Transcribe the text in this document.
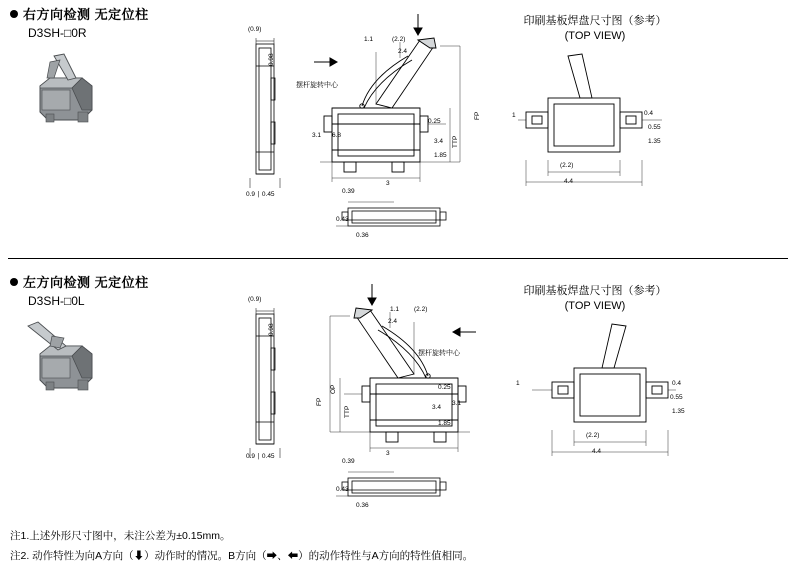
右方向检测 无定位柱
D3SH-□0R	(0.9)
0.98
0.9 ∣ 0.45
1.1	(2.2)
2.4
摆杆旋转中心
3.1 6.8
0.25
3.4
1.85
TTP
FP
3
0.39
0.43
0.36
印刷基板焊盘尺寸图（参考）
(TOP VIEW)
1	0.4
0.55
1.35
(2.2)
4.4
左方向检测 无定位柱
D3SH-□0L	(0.9)
0.98
0.9 ∣ 0.45
1.1 (2.2)
2.4
摆杆旋转中心
FP
OP
TTP
0.25
3.4
3.1
1.85
3
0.39
0.43
0.36
印刷基板焊盘尺寸图（参考）
(TOP VIEW)
1	0.4
0.55
1.35
(2.2)
4.4
注1.上述外形尺寸图中，未注公差为±0.15mm。
注2. 动作特性为向A方向（⬇）动作时的情况。B方向（➡、⬅）的动作特性与A方向的特性值相同。
